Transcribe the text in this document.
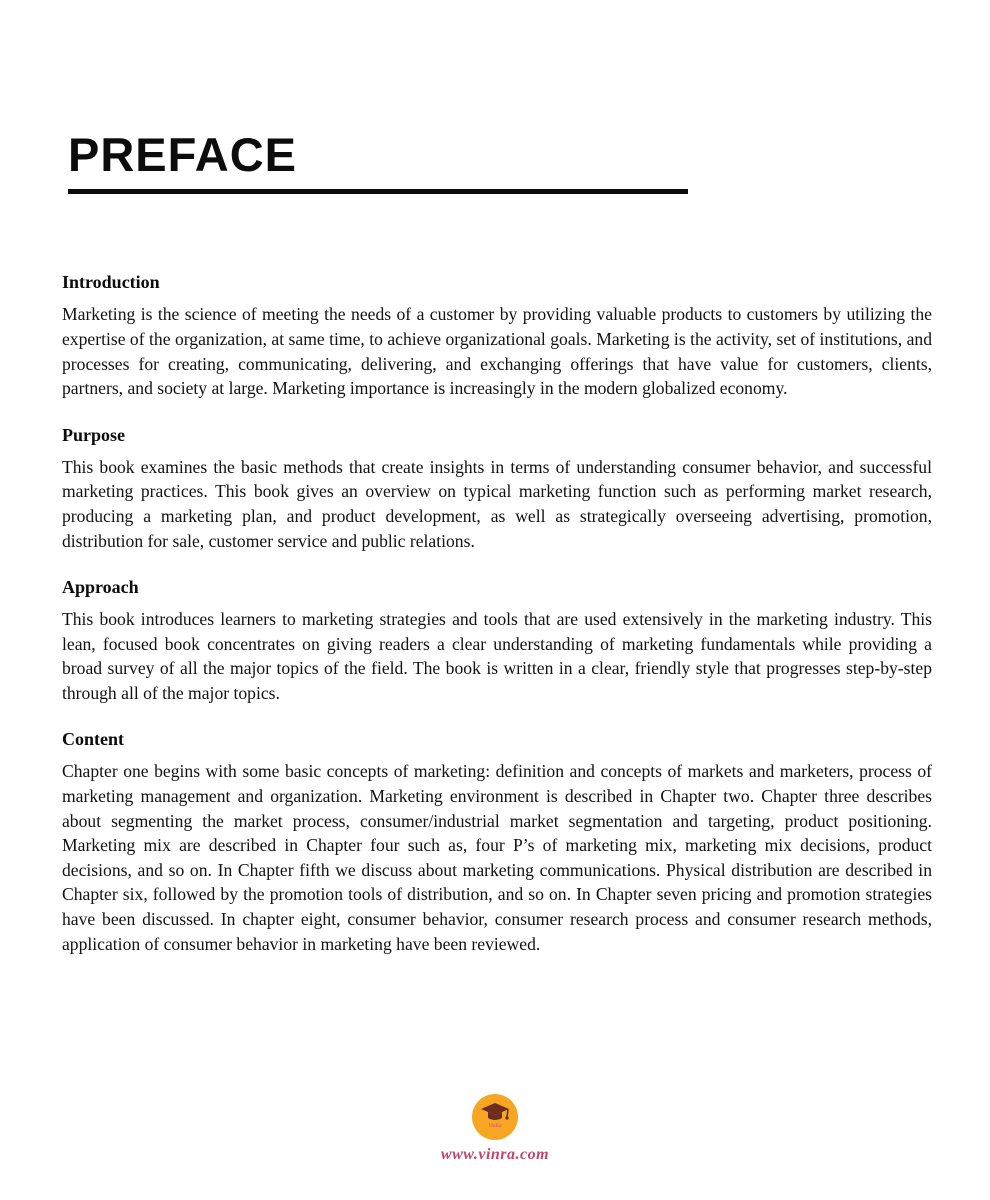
PREFACE
Introduction

Marketing is the science of meeting the needs of a customer by providing valuable products to customers by utilizing the expertise of the organization, at same time, to achieve organizational goals. Marketing is the activity, set of institutions, and processes for creating, communicating, delivering, and exchanging offerings that have value for customers, clients, partners, and society at large. Marketing importance is increasingly in the modern globalized economy.

Purpose

This book examines the basic methods that create insights in terms of understanding consumer behavior, and successful marketing practices. This book gives an overview on typical marketing function such as performing market research, producing a marketing plan, and product development, as well as strategically overseeing advertising, promotion, distribution for sale, customer service and public relations.

Approach

This book introduces learners to marketing strategies and tools that are used extensively in the marketing industry. This lean, focused book concentrates on giving readers a clear understanding of marketing fundamentals while providing a broad survey of all the major topics of the field. The book is written in a clear, friendly style that progresses step-by-step through all of the major topics.

Content

Chapter one begins with some basic concepts of marketing: definition and concepts of markets and marketers, process of marketing management and organization. Marketing environment is described in Chapter two. Chapter three describes about segmenting the market process, consumer/industrial market segmentation and targeting, product positioning. Marketing mix are described in Chapter four such as, four P’s of marketing mix, marketing mix decisions, product decisions, and so on. In Chapter fifth we discuss about marketing communications. Physical distribution are described in Chapter six, followed by the promotion tools of distribution, and so on. In Chapter seven pricing and promotion strategies have been discussed. In chapter eight, consumer behavior, consumer research process and consumer research methods, application of consumer behavior in marketing have been reviewed.

VinRa
www.vinra.com
